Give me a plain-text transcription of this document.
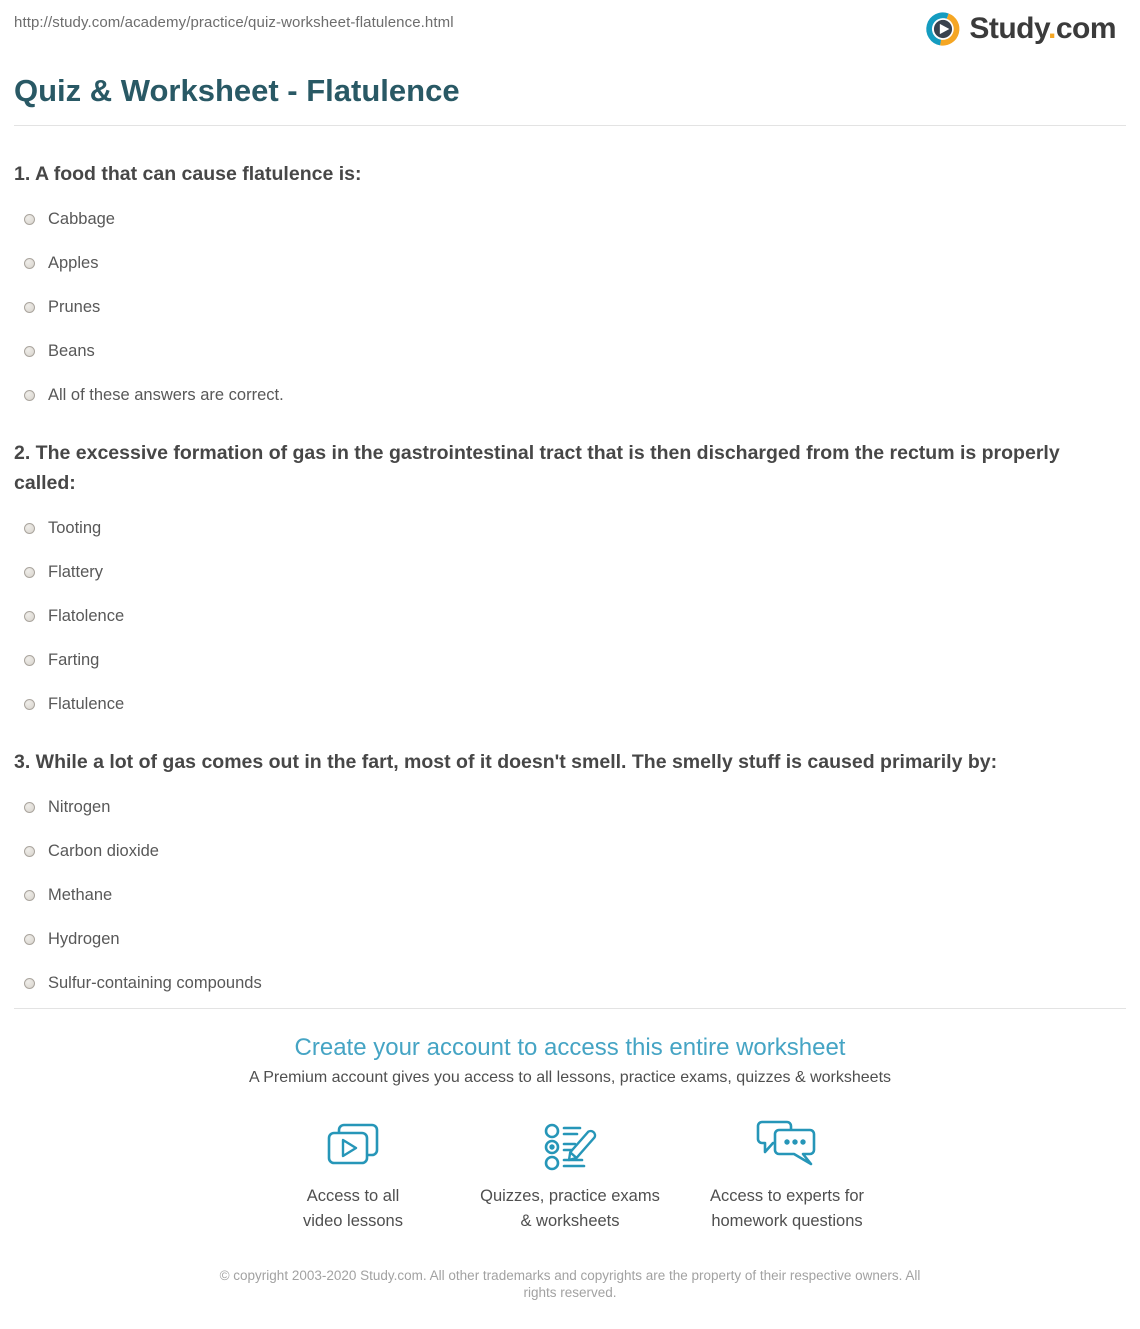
http://study.com/academy/practice/quiz-worksheet-flatulence.html	Study.com
Quiz & Worksheet - Flatulence
1. A food that can cause flatulence is:
Cabbage
Apples
Prunes
Beans
All of these answers are correct.
2. The excessive formation of gas in the gastrointestinal tract that is then discharged from the rectum is properly called:
Tooting
Flattery
Flatolence
Farting
Flatulence
3. While a lot of gas comes out in the fart, most of it doesn't smell. The smelly stuff is caused primarily by:
Nitrogen
Carbon dioxide
Methane
Hydrogen
Sulfur-containing compounds
Create your account to access this entire worksheet
A Premium account gives you access to all lessons, practice exams, quizzes & worksheets
Access to all
video lessons
Quizzes, practice exams
& worksheets
Access to experts for
homework questions
© copyright 2003-2020 Study.com. All other trademarks and copyrights are the property of their respective owners. All rights reserved.
